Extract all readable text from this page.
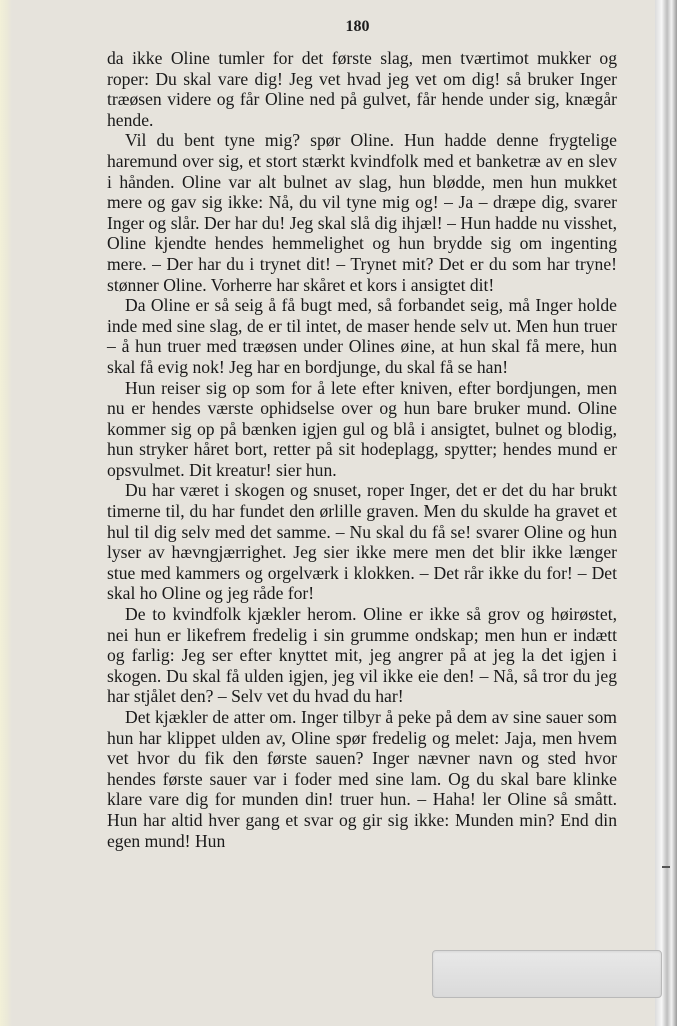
180

da ikke Oline tumler for det første slag, men tværtimot mukker og roper: Du skal vare dig! Jeg vet hvad jeg vet om dig! så bruker Inger træøsen videre og får Oline ned på gulvet, får hende under sig, knægår hende.

Vil du bent tyne mig? spør Oline. Hun hadde denne frygtelige haremund over sig, et stort stærkt kvindfolk med et banketræ av en slev i hånden. Oline var alt bulnet av slag, hun blødde, men hun mukket mere og gav sig ikke: Nå, du vil tyne mig og! – Ja – dræpe dig, svarer Inger og slår. Der har du! Jeg skal slå dig ihjæl! – Hun hadde nu visshet, Oline kjendte hendes hemmelighet og hun brydde sig om ingenting mere. – Der har du i trynet dit! – Trynet mit? Det er du som har tryne! stønner Oline. Vorherre har skåret et kors i ansigtet dit!

Da Oline er så seig å få bugt med, så forbandet seig, må Inger holde inde med sine slag, de er til intet, de maser hende selv ut. Men hun truer – å hun truer med træøsen under Olines øine, at hun skal få mere, hun skal få evig nok! Jeg har en bordjunge, du skal få se han!

Hun reiser sig op som for å lete efter kniven, efter bordjungen, men nu er hendes værste ophidselse over og hun bare bruker mund. Oline kommer sig op på bænken igjen gul og blå i ansigtet, bulnet og blodig, hun stryker håret bort, retter på sit hodeplagg, spytter; hendes mund er opsvulmet. Dit kreatur! sier hun.

Du har været i skogen og snuset, roper Inger, det er det du har brukt timerne til, du har fundet den ørlille graven. Men du skulde ha gravet et hul til dig selv med det samme. – Nu skal du få se! svarer Oline og hun lyser av hævngjærrighet. Jeg sier ikke mere men det blir ikke længer stue med kammers og orgelværk i klokken. – Det rår ikke du for! – Det skal ho Oline og jeg råde for!

De to kvindfolk kjækler herom. Oline er ikke så grov og høirøstet, nei hun er likefrem fredelig i sin grumme ondskap; men hun er indætt og farlig: Jeg ser efter knyttet mit, jeg angrer på at jeg la det igjen i skogen. Du skal få ulden igjen, jeg vil ikke eie den! – Nå, så tror du jeg har stjålet den? – Selv vet du hvad du har!

Det kjækler de atter om. Inger tilbyr å peke på dem av sine sauer som hun har klippet ulden av, Oline spør fredelig og melet: Jaja, men hvem vet hvor du fik den første sauen? Inger nævner navn og sted hvor hendes første sauer var i foder med sine lam. Og du skal bare klinke klare vare dig for munden din! truer hun. – Haha! ler Oline så smått. Hun har altid hver gang et svar og gir sig ikke: Munden min? End din egen mund! Hun
